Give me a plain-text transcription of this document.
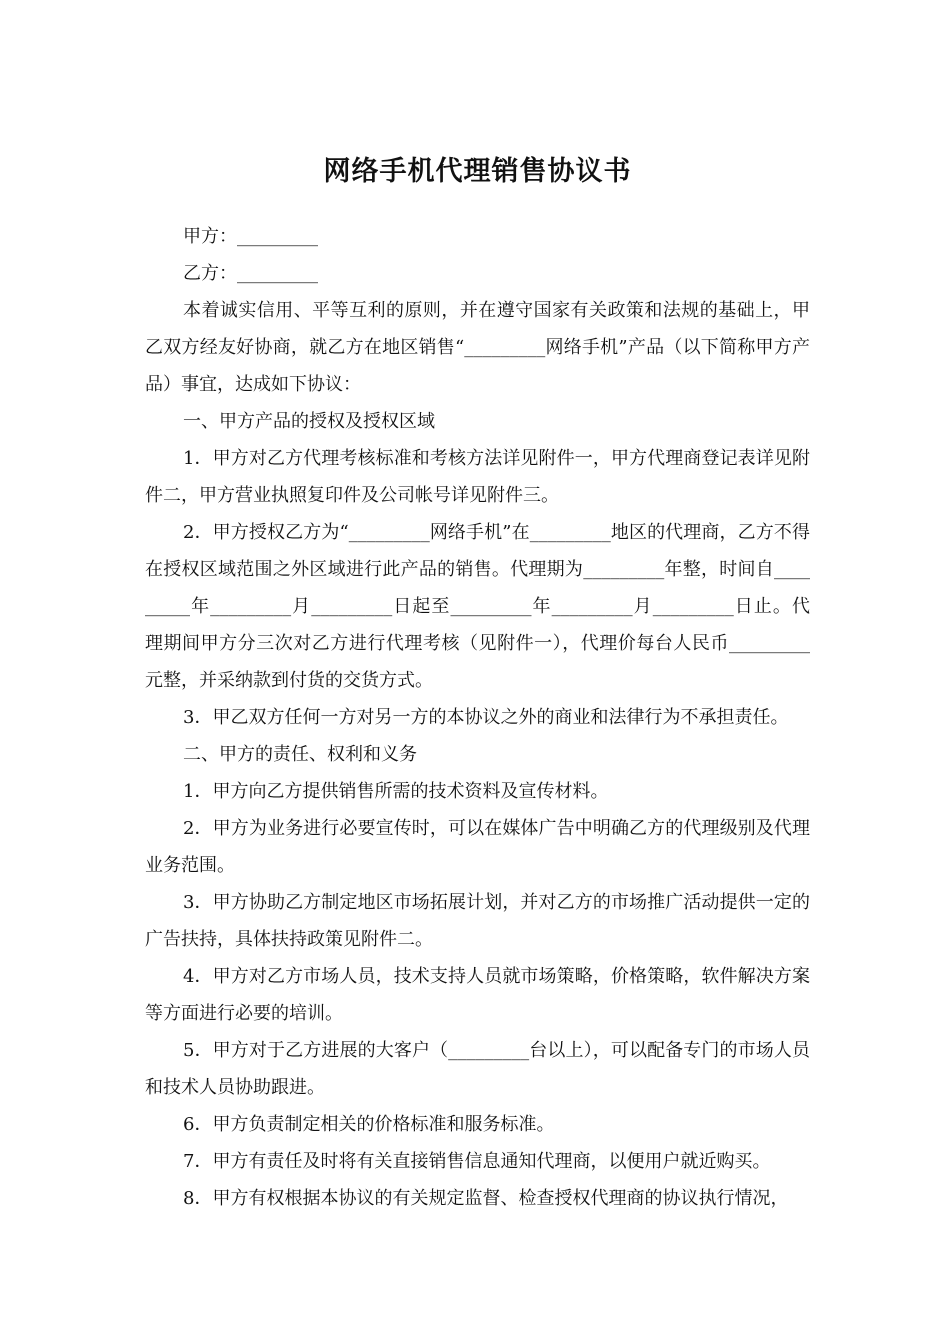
网络手机代理销售协议书

甲方：_________

乙方：_________

本着诚实信用、平等互利的原则，并在遵守国家有关政策和法规的基础上，甲乙双方经友好协商，就乙方在地区销售“_________网络手机”产品（以下简称甲方产品）事宜，达成如下协议：

一、甲方产品的授权及授权区域

1．甲方对乙方代理考核标准和考核方法详见附件一，甲方代理商登记表详见附件二，甲方营业执照复印件及公司帐号详见附件三。

2．甲方授权乙方为“_________网络手机”在_________地区的代理商，乙方不得在授权区域范围之外区域进行此产品的销售。代理期为_________年整，时间自_________年_________月_________日起至_________年_________月_________日止。代理期间甲方分三次对乙方进行代理考核（见附件一），代理价每台人民币_________元整，并采纳款到付货的交货方式。

3．甲乙双方任何一方对另一方的本协议之外的商业和法律行为不承担责任。

二、甲方的责任、权利和义务

1．甲方向乙方提供销售所需的技术资料及宣传材料。

2．甲方为业务进行必要宣传时，可以在媒体广告中明确乙方的代理级别及代理业务范围。

3．甲方协助乙方制定地区市场拓展计划，并对乙方的市场推广活动提供一定的广告扶持，具体扶持政策见附件二。

4．甲方对乙方市场人员，技术支持人员就市场策略，价格策略，软件解决方案等方面进行必要的培训。

5．甲方对于乙方进展的大客户（_________台以上），可以配备专门的市场人员和技术人员协助跟进。

6．甲方负责制定相关的价格标准和服务标准。

7．甲方有责任及时将有关直接销售信息通知代理商，以便用户就近购买。

8．甲方有权根据本协议的有关规定监督、检查授权代理商的协议执行情况，
